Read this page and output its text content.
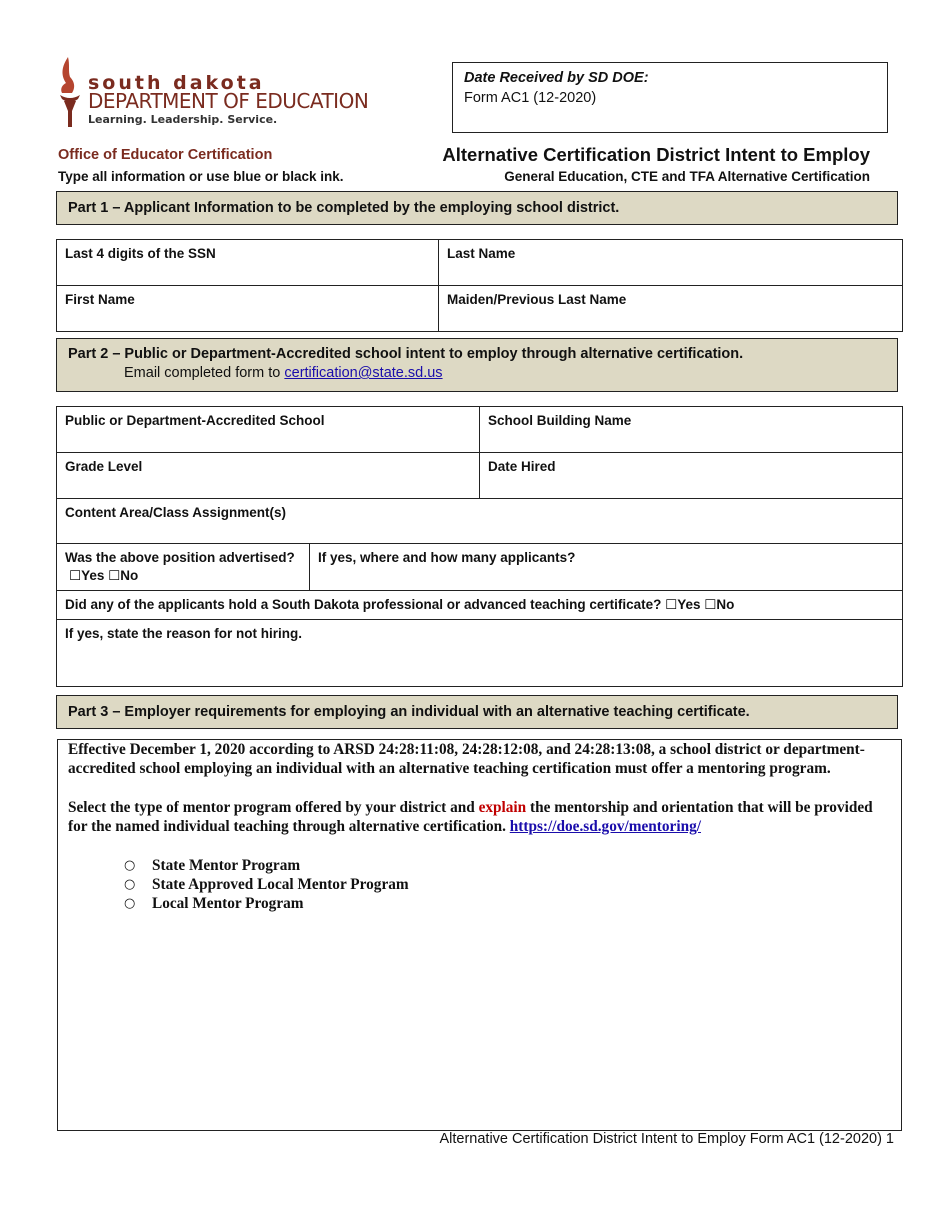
south dakota
DEPARTMENT OF EDUCATION
Learning. Leadership. Service.
Date Received by SD DOE:
Form AC1 (12-2020)
Office of Educator Certification
Type all information or use blue or black ink.
Alternative Certification District Intent to Employ
General Education, CTE and TFA Alternative Certification
Part 1 – Applicant Information to be completed by the employing school district.
Last 4 digits of the SSN	Last Name
First Name	Maiden/Previous Last Name
Part 2 – Public or Department-Accredited school intent to employ through alternative certification.
Email completed form to certification@state.sd.us
Public or Department-Accredited School		School Building Name
Grade Level		Date Hired
Content Area/Class Assignment(s)		

Was the above position advertised?
☐Yes ☐No	If yes, where and how many applicants?	
Did any of the applicants hold a South Dakota professional or advanced teaching certificate? ☐Yes ☐No		
If yes, state the reason for not hiring.		
Part 3 – Employer requirements for employing an individual with an alternative teaching certificate.

Effective December 1, 2020 according to ARSD 24:28:11:08, 24:28:12:08, and 24:28:13:08, a school district or department-accredited school employing an individual with an alternative teaching certification must offer a mentoring program.

Select the type of mentor program offered by your district and explain the mentorship and orientation that will be provided for the named individual teaching through alternative certification. https://doe.sd.gov/mentoring/

○ State Mentor Program
○ State Approved Local Mentor Program
○ Local Mentor Program
Alternative Certification District Intent to Employ Form AC1 (12-2020) 1
